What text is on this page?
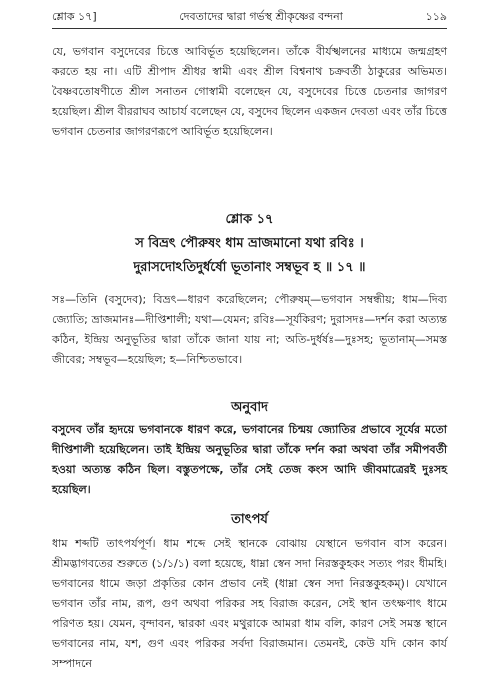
শ্লোক ১৭]	দেবতাদের দ্বারা গর্ভস্থ শ্রীকৃষ্ণের বন্দনা	১১৯

যে, ভগবান বসুদেবের চিত্তে আবির্ভূত হয়েছিলেন। তাঁকে বীর্যস্খলনের মাধ্যমে জন্মগ্রহণ করতে হয় না। এটি শ্রীপাদ শ্রীধর স্বামী এবং শ্রীল বিশ্বনাথ চক্রবর্তী ঠাকুরের অভিমত। বৈষ্ণবতোষণীতে শ্রীল সনাতন গোস্বামী বলেছেন যে, বসুদেবের চিত্তে চেতনার জাগরণ হয়েছিল। শ্রীল বীররাঘব আচার্য বলেছেন যে, বসুদেব ছিলেন একজন দেবতা এবং তাঁর চিত্তে ভগবান চেতনার জাগরণরূপে আবির্ভূত হয়েছিলেন।

শ্লোক ১৭
স বিভ্রৎ পৌরুষং ধাম ভ্রাজমানো যথা রবিঃ ।
দুরাসদোঽতিদুর্ধর্ষো ভূতানাং সম্বভূব হ ॥ ১৭ ॥

সঃ—তিনি (বসুদেব); বিভ্রৎ—ধারণ করেছিলেন; পৌরুষম্—ভগবান সম্বন্ধীয়; ধাম—দিব্য জ্যোতি; ভ্রাজমানঃ—দীপ্তিশালী; যথা—যেমন; রবিঃ—সূর্যকিরণ; দুরাসদঃ—দর্শন করা অত্যন্ত কঠিন, ইন্দ্রিয় অনুভূতির দ্বারা তাঁকে জানা যায় না; অতি-দুর্ধর্ষঃ—দুঃসহ; ভূতানাম্—সমস্ত জীবের; সম্বভূব—হয়েছিল; হ—নিশ্চিতভাবে।

অনুবাদ

বসুদেব তাঁর হৃদয়ে ভগবানকে ধারণ করে, ভগবানের চিন্ময় জ্যোতির প্রভাবে সূর্যের মতো দীপ্তিশালী হয়েছিলেন। তাই ইন্দ্রিয় অনুভূতির দ্বারা তাঁকে দর্শন করা অথবা তাঁর সমীপবর্তী হওয়া অত্যন্ত কঠিন ছিল। বস্তুতপক্ষে, তাঁর সেই তেজ কংস আদি জীবমাত্রেরই দুঃসহ হয়েছিল।

তাৎপর্য

ধাম শব্দটি তাৎপর্যপূর্ণ। ধাম শব্দে সেই স্থানকে বোঝায় যেস্থানে ভগবান বাস করেন। শ্রীমদ্ভাগবতের শুরুতে (১/১/১) বলা হয়েছে, ধাম্না স্বেন সদা নিরস্তকুহকং সত্যং পরং ধীমহি। ভগবানের ধামে জড়া প্রকৃতির কোন প্রভাব নেই (ধাম্না স্বেন সদা নিরস্তকুহকম্)। যেখানে ভগবান তাঁর নাম, রূপ, গুণ অথবা পরিকর সহ বিরাজ করেন, সেই স্থান তৎক্ষণাৎ ধামে পরিণত হয়। যেমন, বৃন্দাবন, দ্বারকা এবং মথুরাকে আমরা ধাম বলি, কারণ সেই সমস্ত স্থানে ভগবানের নাম, যশ, গুণ এবং পরিকর সর্বদা বিরাজমান। তেমনই, কেউ যদি কোন কার্য সম্পাদনে
